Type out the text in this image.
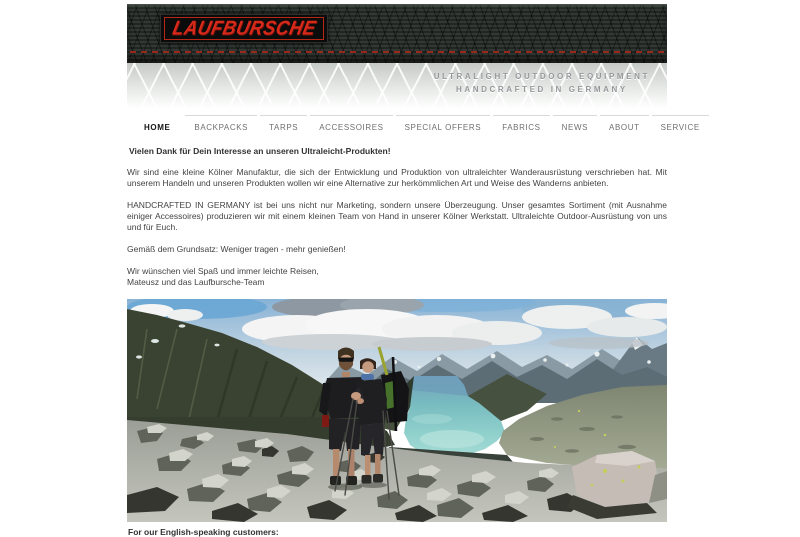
LAUFBURSCHE
ULTRALIGHT OUTDOOR EQUIPMENT
HANDCRAFTED IN GERMANY
HOME	BACKPACKS	TARPS	ACCESSOIRES	SPECIAL OFFERS	FABRICS	NEWS	ABOUT	SERVICE
Vielen Dank für Dein Interesse an unseren Ultraleicht-Produkten!

Wir sind eine kleine Kölner Manufaktur, die sich der Entwicklung und Produktion von ultraleichter Wanderausrüstung verschrieben hat. Mit unserem Handeln und unseren Produkten wollen wir eine Alternative zur herkömmlichen Art und Weise des Wanderns anbieten.

HANDCRAFTED IN GERMANY ist bei uns nicht nur Marketing, sondern unsere Überzeugung. Unser gesamtes Sortiment (mit Ausnahme einiger Accessoires) produzieren wir mit einem kleinen Team von Hand in unserer Kölner Werkstatt. Ultraleichte Outdoor-Ausrüstung von uns und für Euch.

Gemäß dem Grundsatz: Weniger tragen - mehr genießen!

Wir wünschen viel Spaß und immer leichte Reisen,
Mateusz und das Laufbursche-Team
For our English-speaking customers:
